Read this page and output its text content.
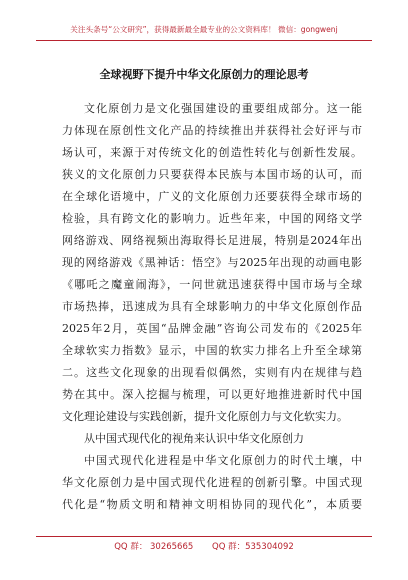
关注头条号“公文研究”，获得最新最全最专业的公文资料库！ 微信：gongwenj
全球视野下提升中华文化原创力的理论思考
文化原创力是文化强国建设的重要组成部分。这一能
力体现在原创性文化产品的持续推出并获得社会好评与市
场认可，来源于对传统文化的创造性转化与创新性发展。
狭义的文化原创力只要获得本民族与本国市场的认可，而
在全球化语境中，广义的文化原创力还要获得全球市场的
检验，具有跨文化的影响力。近些年来，中国的网络文学
网络游戏、网络视频出海取得长足进展，特别是2024年出
现的网络游戏《黑神话：悟空》与2025年出现的动画电影
《哪吒之魔童闹海》，一问世就迅速获得中国市场与全球
市场热捧，迅速成为具有全球影响力的中华文化原创作品
2025年2月，英国“品牌金融”咨询公司发布的《2025年
全球软实力指数》显示，中国的软实力排名上升至全球第
二。这些文化现象的出现看似偶然，实则有内在规律与趋
势在其中。深入挖掘与梳理，可以更好地推进新时代中国
文化理论建设与实践创新，提升文化原创力与文化软实力。
从中国式现代化的视角来认识中华文化原创力
中国式现代化进程是中华文化原创力的时代土壤，中
华文化原创力是中国式现代化进程的创新引擎。中国式现
代化是“物质文明和精神文明相协同的现代化”，本质要
QQ 群： 30265665 QQ 群：535304092
